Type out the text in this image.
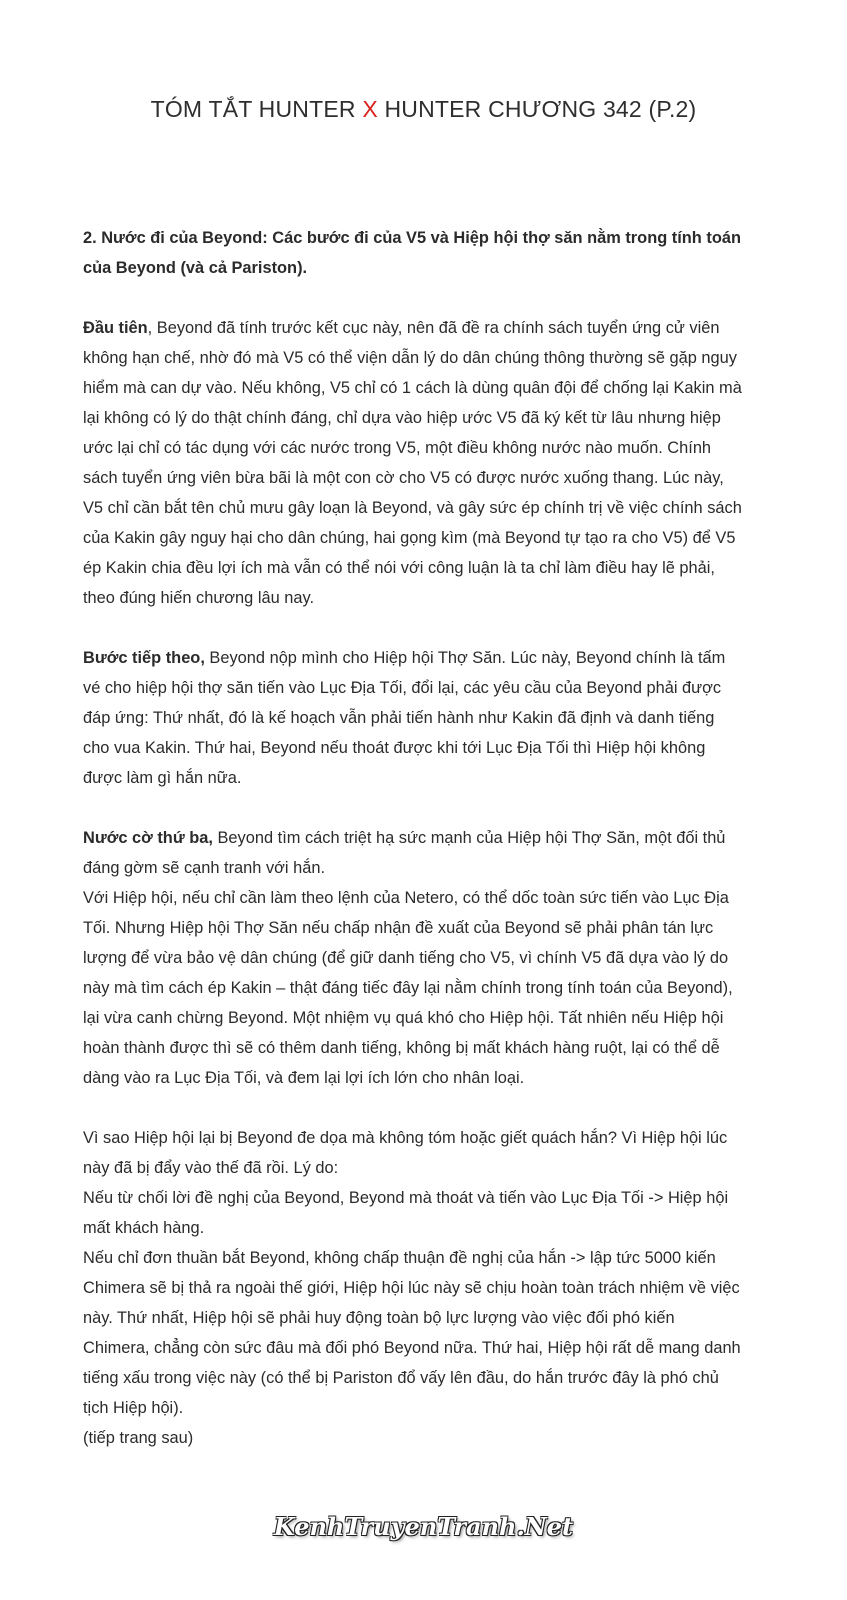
TÓM TẮT HUNTER X HUNTER CHƯƠNG 342 (P.2)

2. Nước đi của Beyond: Các bước đi của V5 và Hiệp hội thợ săn nằm trong tính toán của Beyond (và cả Pariston).

Đầu tiên, Beyond đã tính trước kết cục này, nên đã đề ra chính sách tuyển ứng cử viên không hạn chế, nhờ đó mà V5 có thể viện dẫn lý do dân chúng thông thường sẽ gặp nguy hiểm mà can dự vào. Nếu không, V5 chỉ có 1 cách là dùng quân đội để chống lại Kakin mà lại không có lý do thật chính đáng, chỉ dựa vào hiệp ước V5 đã ký kết từ lâu nhưng hiệp ước lại chỉ có tác dụng với các nước trong V5, một điều không nước nào muốn. Chính sách tuyển ứng viên bừa bãi là một con cờ cho V5 có được nước xuống thang. Lúc này, V5 chỉ cần bắt tên chủ mưu gây loạn là Beyond, và gây sức ép chính trị về việc chính sách của Kakin gây nguy hại cho dân chúng, hai gọng kìm (mà Beyond tự tạo ra cho V5) để V5 ép Kakin chia đều lợi ích mà vẫn có thể nói với công luận là ta chỉ làm điều hay lẽ phải, theo đúng hiến chương lâu nay.

Bước tiếp theo, Beyond nộp mình cho Hiệp hội Thợ Săn. Lúc này, Beyond chính là tấm vé cho hiệp hội thợ săn tiến vào Lục Địa Tối, đổi lại, các yêu cầu của Beyond phải được đáp ứng: Thứ nhất, đó là kế hoạch vẫn phải tiến hành như Kakin đã định và danh tiếng cho vua Kakin. Thứ hai, Beyond nếu thoát được khi tới Lục Địa Tối thì Hiệp hội không được làm gì hắn nữa.

Nước cờ thứ ba, Beyond tìm cách triệt hạ sức mạnh của Hiệp hội Thợ Săn, một đối thủ đáng gờm sẽ cạnh tranh với hắn.

Với Hiệp hội, nếu chỉ cần làm theo lệnh của Netero, có thể dốc toàn sức tiến vào Lục Địa Tối. Nhưng Hiệp hội Thợ Săn nếu chấp nhận đề xuất của Beyond sẽ phải phân tán lực lượng để vừa bảo vệ dân chúng (để giữ danh tiếng cho V5, vì chính V5 đã dựa vào lý do này mà tìm cách ép Kakin – thật đáng tiếc đây lại nằm chính trong tính toán của Beyond), lại vừa canh chừng Beyond. Một nhiệm vụ quá khó cho Hiệp hội. Tất nhiên nếu Hiệp hội hoàn thành được thì sẽ có thêm danh tiếng, không bị mất khách hàng ruột, lại có thể dễ dàng vào ra Lục Địa Tối, và đem lại lợi ích lớn cho nhân loại.

Vì sao Hiệp hội lại bị Beyond đe dọa mà không tóm hoặc giết quách hắn? Vì Hiệp hội lúc này đã bị đẩy vào thế đã rồi. Lý do:

Nếu từ chối lời đề nghị của Beyond, Beyond mà thoát và tiến vào Lục Địa Tối -> Hiệp hội mất khách hàng.

Nếu chỉ đơn thuần bắt Beyond, không chấp thuận đề nghị của hắn -> lập tức 5000 kiến Chimera sẽ bị thả ra ngoài thế giới, Hiệp hội lúc này sẽ chịu hoàn toàn trách nhiệm về việc này. Thứ nhất, Hiệp hội sẽ phải huy động toàn bộ lực lượng vào việc đối phó kiến Chimera, chẳng còn sức đâu mà đối phó Beyond nữa. Thứ hai, Hiệp hội rất dễ mang danh tiếng xấu trong việc này (có thể bị Pariston đổ vấy lên đầu, do hắn trước đây là phó chủ tịch Hiệp hội).

(tiếp trang sau)

KenhTruyenTranh.Net
